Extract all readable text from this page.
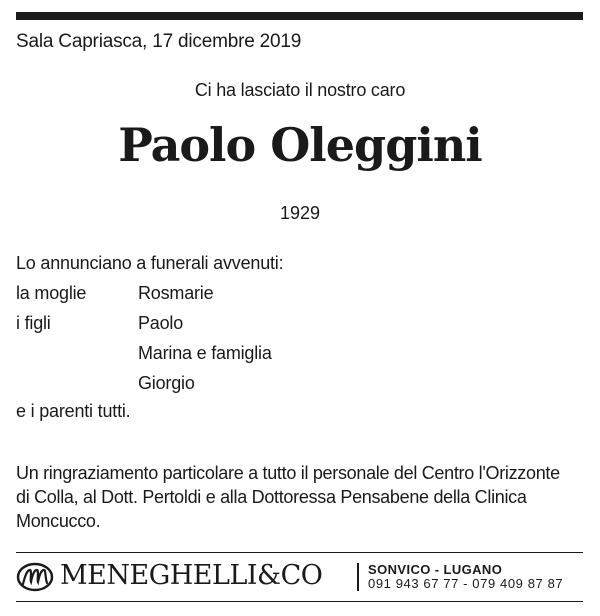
Sala Capriasca, 17 dicembre 2019
Ci ha lasciato il nostro caro
Paolo Oleggini
1929
Lo annunciano a funerali avvenuti:
la moglie	Rosmarie
i figli	Paolo
Marina e famiglia
Giorgio
e i parenti tutti.
Un ringraziamento particolare a tutto il personale del Centro l'Orizzonte di Colla, al Dott. Pertoldi e alla Dottoressa Pensabene della Clinica Moncucco.
MENEGHELLI&CO	SONVICO - LUGANO
091 943 67 77 - 079 409 87 87
